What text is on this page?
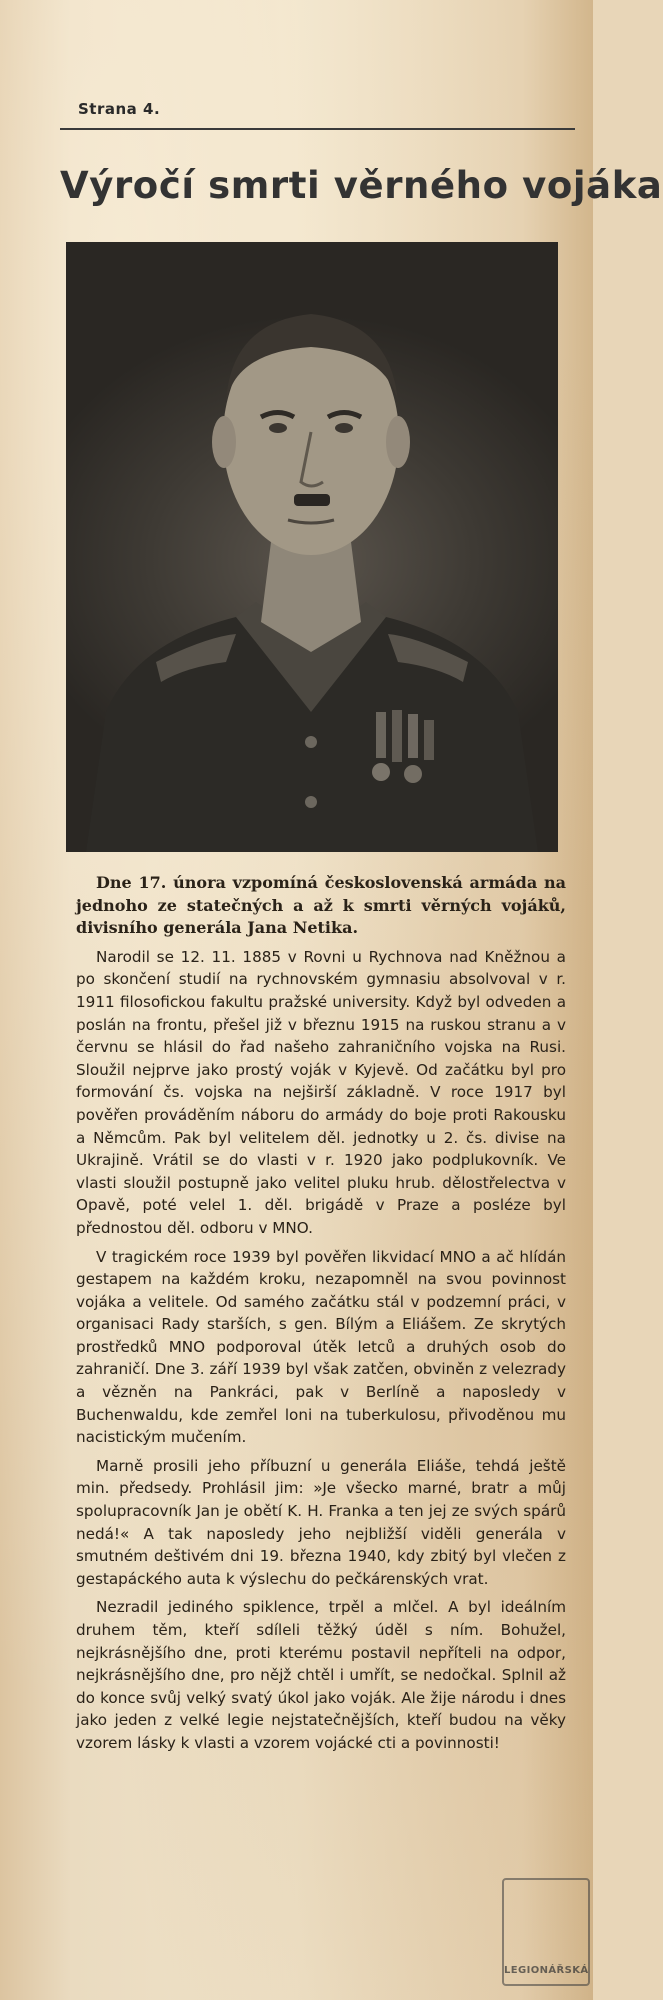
Strana 4.
Výročí smrti věrného vojáka

Dne 17. února vzpomíná československá armáda na jednoho ze statečných a až k smrti věrných vojáků, divisního generála Jana Netika.

Narodil se 12. 11. 1885 v Rovni u Rychnova nad Kněžnou a po skončení studií na rychnovském gymnasiu absolvoval v r. 1911 filosofickou fakultu pražské university. Když byl odveden a poslán na frontu, přešel již v březnu 1915 na ruskou stranu a v červnu se hlásil do řad našeho zahraničního vojska na Rusi. Sloužil nejprve jako prostý voják v Kyjevě. Od začátku byl pro formování čs. vojska na nejširší základně. V roce 1917 byl pověřen prováděním náboru do armády do boje proti Rakousku a Němcům. Pak byl velitelem děl. jednotky u 2. čs. divise na Ukrajině. Vrátil se do vlasti v r. 1920 jako podplukovník. Ve vlasti sloužil postupně jako velitel pluku hrub. dělostřelectva v Opavě, poté velel 1. děl. brigádě v Praze a posléze byl přednostou děl. odboru v MNO.

V tragickém roce 1939 byl pověřen likvidací MNO a ač hlídán gestapem na každém kroku, nezapomněl na svou povinnost vojáka a velitele. Od samého začátku stál v podzemní práci, v organisaci Rady starších, s gen. Bílým a Eliášem. Ze skrytých prostředků MNO podporoval útěk letců a druhých osob do zahraničí. Dne 3. září 1939 byl však zatčen, obviněn z velezrady a vězněn na Pankráci, pak v Berlíně a naposledy v Buchenwaldu, kde zemřel loni na tuberkulosu, přivoděnou mu nacistickým mučením.

Marně prosili jeho příbuzní u generála Eliáše, tehdá ještě min. předsedy. Prohlásil jim: »Je všecko marné, bratr a můj spolupracovník Jan je obětí K. H. Franka a ten jej ze svých spárů nedá!« A tak naposledy jeho nejbližší viděli generála v smutném deštivém dni 19. března 1940, kdy zbitý byl vlečen z gestapáckého auta k výslechu do pečkárenských vrat.

Nezradil jediného spiklence, trpěl a mlčel. A byl ideálním druhem těm, kteří sdíleli těžký úděl s ním. Bohužel, nejkrásnějšího dne, proti kterému postavil nepříteli na odpor, nejkrásnějšího dne, pro nějž chtěl i umřít, se nedočkal. Splnil až do konce svůj velký svatý úkol jako voják. Ale žije národu i dnes jako jeden z velké legie nejstatečnějších, kteří budou na věky vzorem lásky k vlasti a vzorem vojácké cti a povinnosti!

LEGIONÁŘSKÁ
